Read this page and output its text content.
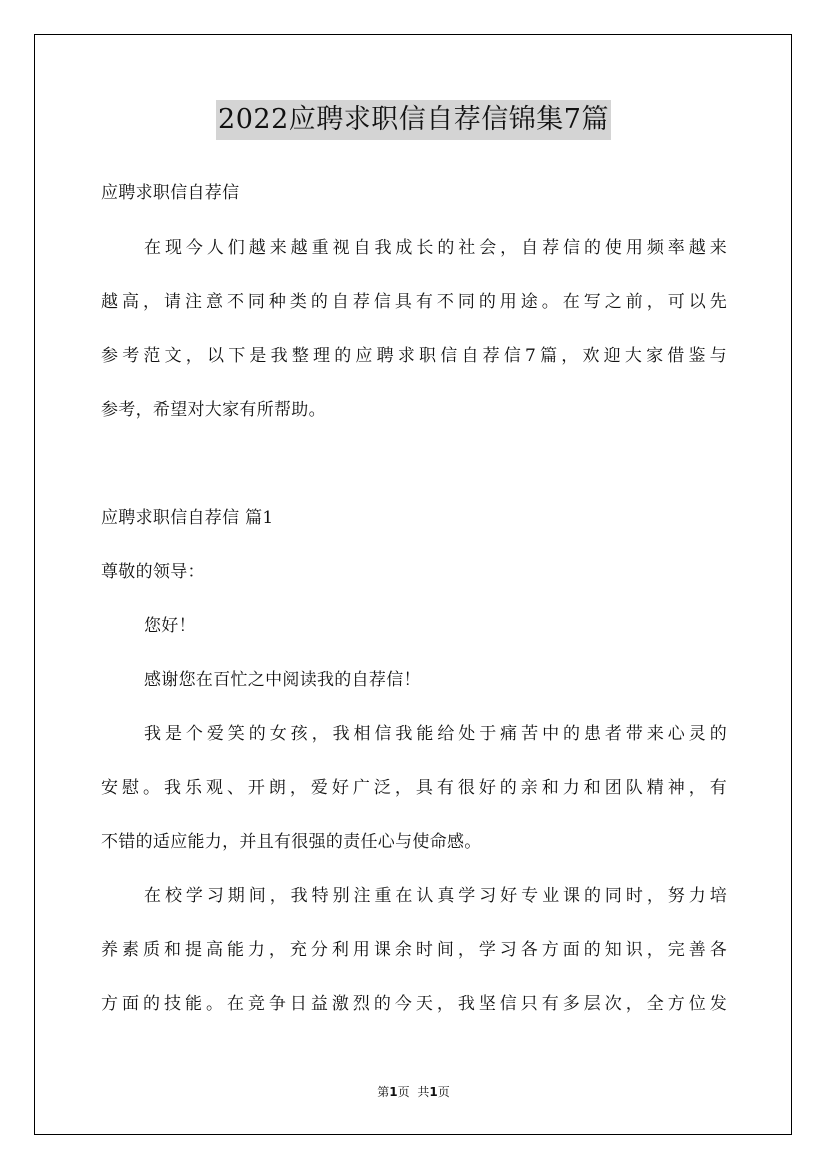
2022应聘求职信自荐信锦集7篇
应聘求职信自荐信
在现今人们越来越重视自我成长的社会，自荐信的使用频率越来
越高，请注意不同种类的自荐信具有不同的用途。在写之前，可以先
参考范文，以下是我整理的应聘求职信自荐信7篇，欢迎大家借鉴与
参考，希望对大家有所帮助。
应聘求职信自荐信 篇1
尊敬的领导：
您好！
感谢您在百忙之中阅读我的自荐信！
我是个爱笑的女孩，我相信我能给处于痛苦中的患者带来心灵的
安慰。我乐观、开朗，爱好广泛，具有很好的亲和力和团队精神，有
不错的适应能力，并且有很强的责任心与使命感。
在校学习期间，我特别注重在认真学习好专业课的同时，努力培
养素质和提高能力，充分利用课余时间，学习各方面的知识，完善各
方面的技能。在竞争日益激烈的今天，我坚信只有多层次，全方位发
第1页 共1页
